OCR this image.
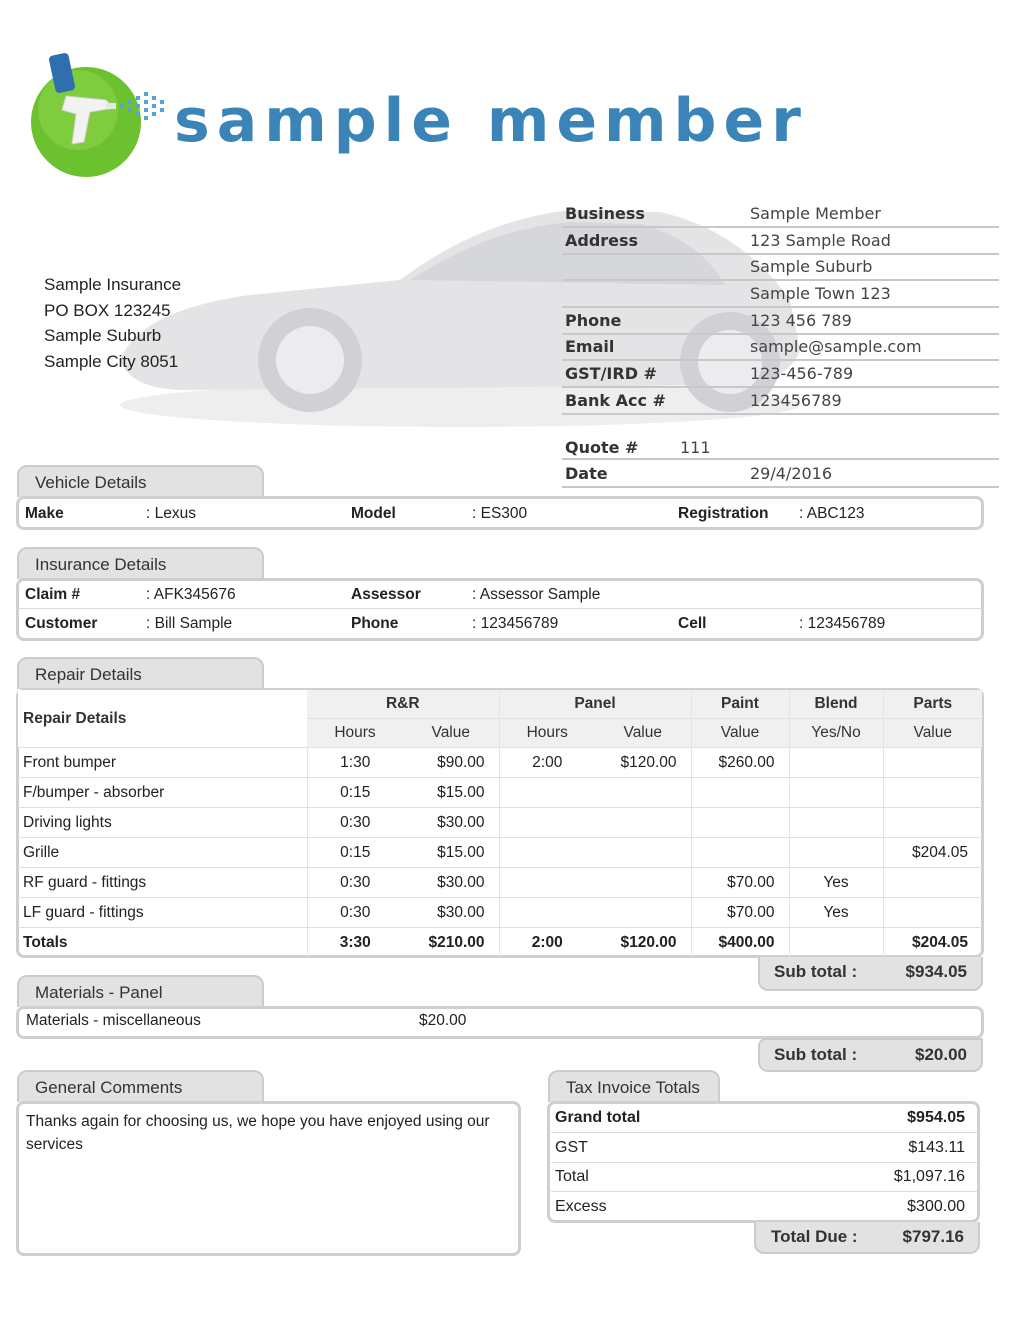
sample member
Sample Insurance
PO BOX 123245
Sample Suburb
Sample City 8051
Business	Sample Member
Address	123 Sample Road
Sample Suburb
Sample Town 123
Phone	123 456 789
Email	sample@sample.com
GST/IRD #	123-456-789
Bank Acc #	123456789
Quote #	111
Date	29/4/2016
Vehicle Details
Make	: Lexus	Model	: ES300	Registration : ABC123
Insurance Details
Claim #	: AFK345676	Assessor	: Assessor Sample
Customer	: Bill Sample	Phone	: 123456789	Cell	: 123456789
Repair Details
Repair Details	R&R		Panel		Paint	Blend	Parts
	Hours	Value	Hours	Value	Value	Yes/No	Value
Front bumper	1:30	$90.00	2:00	$120.00	$260.00		
F/bumper - absorber	0:15	$15.00					
Driving lights	0:30	$30.00					
Grille	0:15	$15.00					$204.05
RF guard - fittings	0:30	$30.00			$70.00	Yes	
LF guard - fittings	0:30	$30.00			$70.00	Yes	
Totals	3:30	$210.00	2:00	$120.00	$400.00		$204.05
Sub total :	$934.05
Materials - Panel
Materials - miscellaneous	$20.00
Sub total :	$20.00
General Comments
Thanks again for choosing us, we hope you have enjoyed using our services
Tax Invoice Totals
Grand total	$954.05
GST	$143.11
Total	$1,097.16
Excess	$300.00
Total Due :	$797.16
